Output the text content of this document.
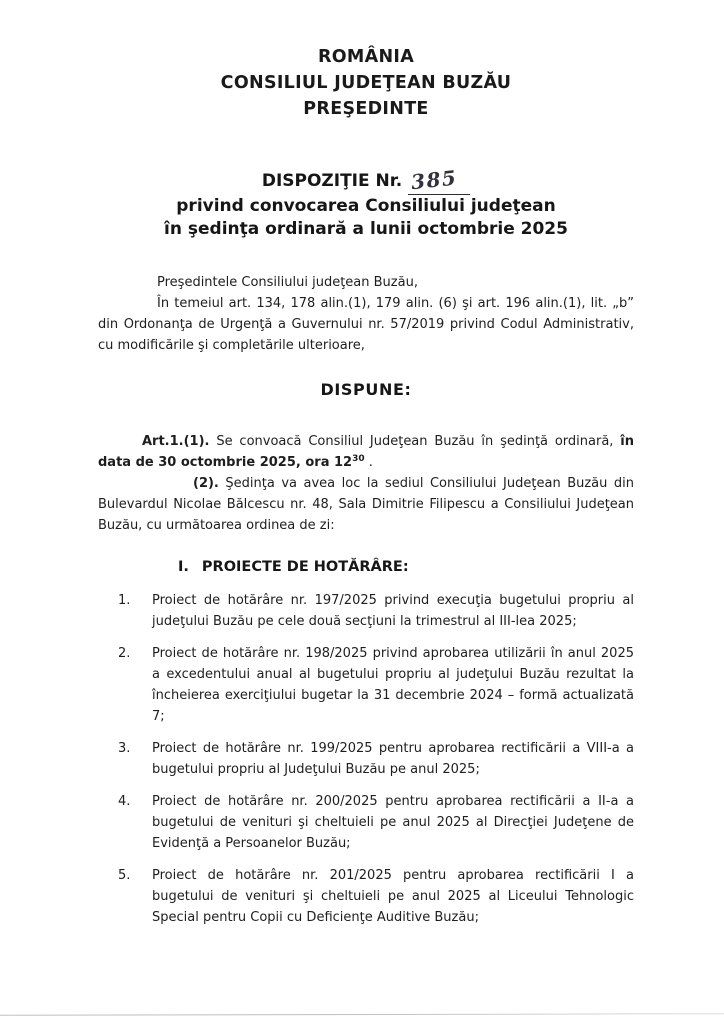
ROMÂNIA
CONSILIUL JUDEŢEAN BUZĂU
PREŞEDINTE
DISPOZIŢIE Nr. 385
privind convocarea Consiliului judeţean
în şedinţa ordinară a lunii octombrie 2025

Preşedintele Consiliului judeţean Buzău,

În temeiul art. 134, 178 alin.(1), 179 alin. (6) şi art. 196 alin.(1), lit. „b” din Ordonanţa de Urgenţă a Guvernului nr. 57/2019 privind Codul Administrativ, cu modificările şi completările ulterioare,

DISPUNE:

Art.1.(1). Se convoacă Consiliul Judeţean Buzău în şedinţă ordinară, în data de 30 octombrie 2025, ora $12^{30}$ .

(2). Şedinţa va avea loc la sediul Consiliului Judeţean Buzău din Bulevardul Nicolae Bălcescu nr. 48, Sala Dimitrie Filipescu a Consiliului Judeţean Buzău, cu următoarea ordinea de zi:

I. PROIECTE DE HOTĂRÂRE:
1.	Proiect de hotărâre nr. 197/2025 privind execuţia bugetului propriu al judeţului Buzău pe cele două secţiuni la trimestrul al III-lea 2025;
2.	Proiect de hotărâre nr. 198/2025 privind aprobarea utilizării în anul 2025 a excedentului anual al bugetului propriu al judeţului Buzău rezultat la încheierea exerciţiului bugetar la 31 decembrie 2024 – formă actualizată 7;
3.	Proiect de hotărâre nr. 199/2025 pentru aprobarea rectificării a VIII-a a bugetului propriu al Judeţului Buzău pe anul 2025;
4.	Proiect de hotărâre nr. 200/2025 pentru aprobarea rectificării a II-a a bugetului de venituri şi cheltuieli pe anul 2025 al Direcţiei Judeţene de Evidenţă a Persoanelor Buzău;
5.	Proiect de hotărâre nr. 201/2025 pentru aprobarea rectificării I a bugetului de venituri şi cheltuieli pe anul 2025 al Liceului Tehnologic Special pentru Copii cu Deficienţe Auditive Buzău;
